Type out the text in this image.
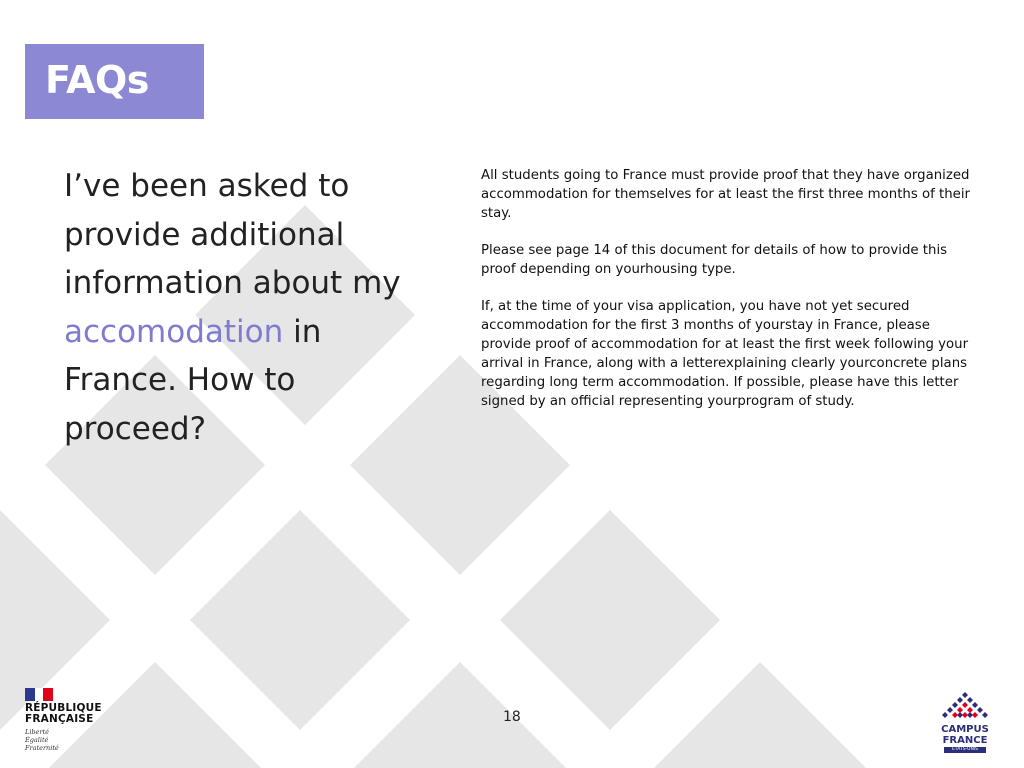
FAQs
I’ve been asked to provide additional information about my accomodation in France. How to proceed?

All students going to France must provide proof that they have organized accommodation for themselves for at least the first three months of their stay.

Please see page 14 of this document for details of how to provide this proof depending on yourhousing type.

If, at the time of your visa application, you have not yet secured accommodation for the first 3 months of yourstay in France, please provide proof of accommodation for at least the first week following your arrival in France, along with a letterexplaining clearly yourconcrete plans regarding long term accommodation. If possible, please have this letter signed by an official representing yourprogram of study.

18
RÉPUBLIQUE
FRANÇAISE
Liberté
Égalité
Fraternité
CAMPUS
FRANCE
ÉTATS-UNIS
